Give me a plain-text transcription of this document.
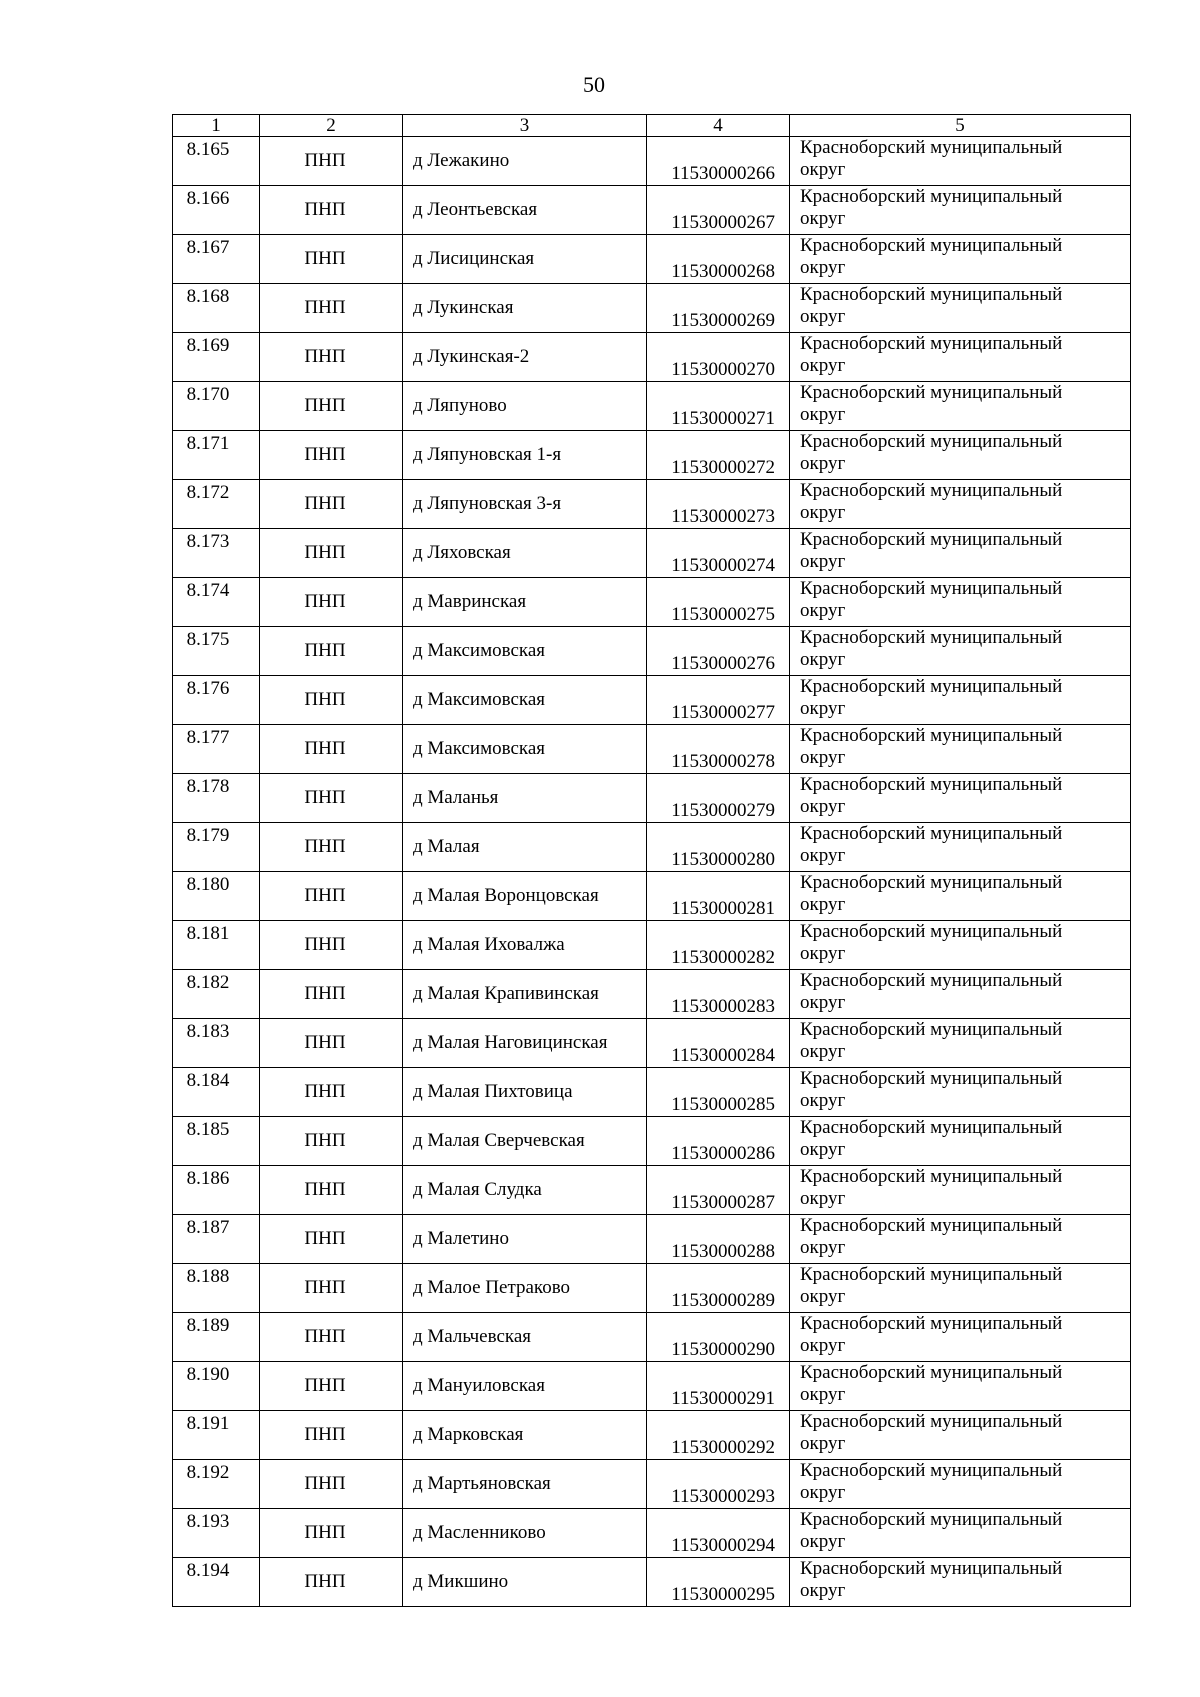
50
1	2	3	4	5
8.165	ПНП	д Лежакино	11530000266	Красноборский муниципальный
округ

8.166	ПНП	д Леонтьевская	11530000267	Красноборский муниципальный
округ

8.167	ПНП	д Лисицинская	11530000268	Красноборский муниципальный
округ

8.168	ПНП	д Лукинская	11530000269	Красноборский муниципальный
округ

8.169	ПНП	д Лукинская-2	11530000270	Красноборский муниципальный
округ

8.170	ПНП	д Ляпуново	11530000271	Красноборский муниципальный
округ

8.171	ПНП	д Ляпуновская 1-я	11530000272	Красноборский муниципальный
округ

8.172	ПНП	д Ляпуновская 3-я	11530000273	Красноборский муниципальный
округ

8.173	ПНП	д Ляховская	11530000274	Красноборский муниципальный
округ

8.174	ПНП	д Мавринская	11530000275	Красноборский муниципальный
округ

8.175	ПНП	д Максимовская	11530000276	Красноборский муниципальный
округ

8.176	ПНП	д Максимовская	11530000277	Красноборский муниципальный
округ

8.177	ПНП	д Максимовская	11530000278	Красноборский муниципальный
округ

8.178	ПНП	д Маланья	11530000279	Красноборский муниципальный
округ

8.179	ПНП	д Малая	11530000280	Красноборский муниципальный
округ

8.180	ПНП	д Малая Воронцовская	11530000281	Красноборский муниципальный
округ

8.181	ПНП	д Малая Иховалжа	11530000282	Красноборский муниципальный
округ

8.182	ПНП	д Малая Крапивинская	11530000283	Красноборский муниципальный
округ

8.183	ПНП	д Малая Наговицинская	11530000284	Красноборский муниципальный
округ

8.184	ПНП	д Малая Пихтовица	11530000285	Красноборский муниципальный
округ

8.185	ПНП	д Малая Сверчевская	11530000286	Красноборский муниципальный
округ

8.186	ПНП	д Малая Слудка	11530000287	Красноборский муниципальный
округ

8.187	ПНП	д Малетино	11530000288	Красноборский муниципальный
округ

8.188	ПНП	д Малое Петраково	11530000289	Красноборский муниципальный
округ

8.189	ПНП	д Мальчевская	11530000290	Красноборский муниципальный
округ

8.190	ПНП	д Мануиловская	11530000291	Красноборский муниципальный
округ

8.191	ПНП	д Марковская	11530000292	Красноборский муниципальный
округ

8.192	ПНП	д Мартьяновская	11530000293	Красноборский муниципальный
округ

8.193	ПНП	д Масленниково	11530000294	Красноборский муниципальный
округ

8.194	ПНП	д Микшино	11530000295	Красноборский муниципальный
округ
